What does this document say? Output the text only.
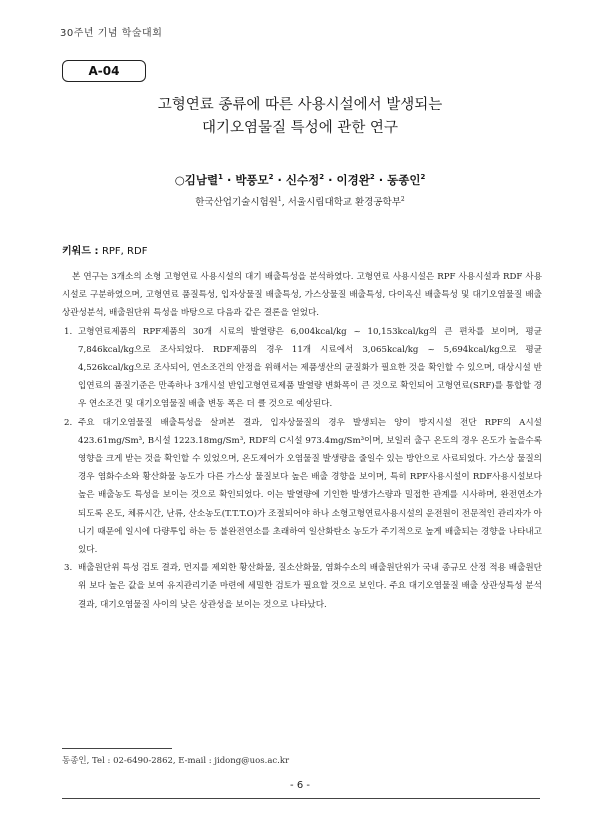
30주년 기념 학술대회
A-04
고형연료 종류에 따른 사용시설에서 발생되는
대기오염물질 특성에 관한 연구
○김남렬$^1$ · 박풍모$^2$ · 신수정$^2$ · 이경완$^2$ · 동종인$^2$
한국산업기술시험원$^1$, 서울시립대학교 환경공학부$^2$
키워드 : RPF, RDF

본 연구는 3개소의 소형 고형연료 사용시설의 대기 배출특성을 분석하였다. 고형연료 사용시설은 RPF 사용시설과 RDF 사용시설로 구분하였으며, 고형연료 품질특성, 입자상물질 배출특성, 가스상물질 배출특성, 다이옥신 배출특성 및 대기오염물질 배출 상관성분석, 배출원단위 특성을 바탕으로 다음과 같은 결론을 얻었다.

1. 고형연료제품의 RPF제품의 30개 시료의 발열량은 6,004kcal/kg ~ 10,153kcal/kg의 큰 편차를 보이며, 평균 7,846kcal/kg으로 조사되었다. RDF제품의 경우 11개 시료에서 3,065kcal/kg ~ 5,694kcal/kg으로 평균 4,526kcal/kg으로 조사되어, 연소조건의 안정을 위해서는 제품생산의 균질화가 필요한 것을 확인할 수 있으며, 대상시설 반입연료의 품질기준은 만족하나 3개시설 반입고형연료제품 발열량 변화폭이 큰 것으로 확인되어 고형연료(SRF)를 통합할 경우 연소조건 및 대기오염물질 배출 변동 폭은 더 클 것으로 예상된다.
2. 주요 대기오염물질 배출특성을 살펴본 결과, 입자상물질의 경우 발생되는 양이 방지시설 전단 RPF의 A시설 423.61mg/Sm³, B시설 1223.18mg/Sm³, RDF의 C시설 973.4mg/Sm³이며, 보일러 출구 온도의 경우 온도가 높을수록 영향을 크게 받는 것을 확인할 수 있었으며, 온도제어가 오염물질 발생량을 줄일수 있는 방안으로 사료되었다. 가스상 물질의 경우 염화수소와 황산화물 농도가 다른 가스상 물질보다 높은 배출 경향을 보이며, 특히 RPF사용시설이 RDF사용시설보다 높은 배출농도 특성을 보이는 것으로 확인되었다. 이는 발열량에 기인한 발생가스량과 밀접한 관계를 시사하며, 완전연소가 되도록 온도, 체류시간, 난류, 산소농도(T.T.T.O)가 조절되어야 하나 소형고형연료사용시설의 운전원이 전문적인 관리자가 아니기 때문에 일시에 다량투입 하는 등 불완전연소를 초래하여 일산화탄소 농도가 주기적으로 높게 배출되는 경향을 나타내고 있다.
3. 배출원단위 특성 검토 결과, 먼지를 제외한 황산화물, 질소산화물, 염화수소의 배출원단위가 국내 종규모 산정 적용 배출원단위 보다 높은 값을 보여 유지관리기준 마련에 세밀한 검토가 필요할 것으로 보인다. 주요 대기오염물질 배출 상관성특성 분석 결과, 대기오염물질 사이의 낮은 상관성을 보이는 것으로 나타났다.
동종인, Tel : 02-6490-2862, E-mail : jidong@uos.ac.kr
- 6 -
